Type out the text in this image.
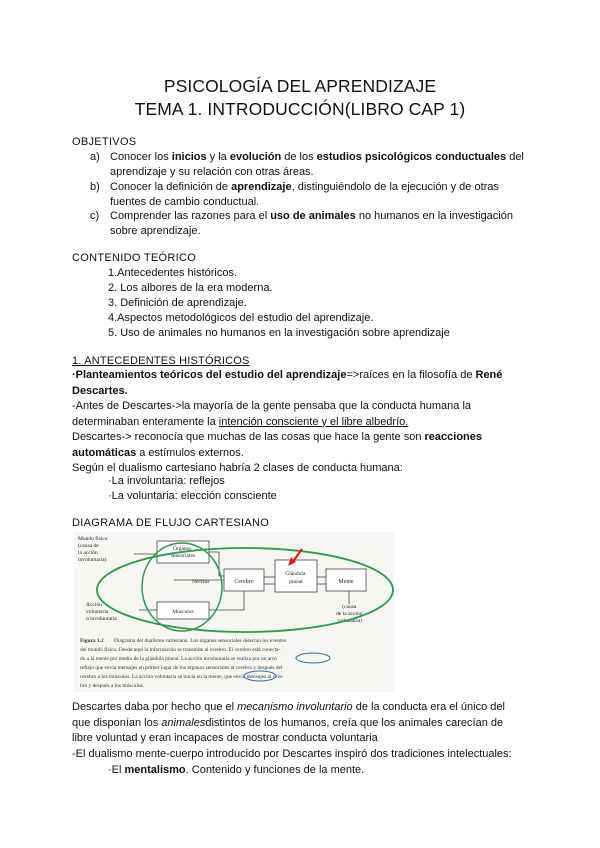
PSICOLOGÍA DEL APRENDIZAJE
TEMA 1. INTRODUCCIÓN(LIBRO CAP 1)
OBJETIVOS
a) Conocer los inicios y la evolución de los estudios psicológicos conductuales del
aprendizaje y su relación con otras áreas.
b) Conocer la definición de aprendizaje, distinguiéndolo de la ejecución y de otras
fuentes de cambio conductual.
c) Comprender las razones para el uso de animales no humanos en la investigación
sobre aprendizaje.
CONTENIDO TEÓRICO
1.Antecedentes históricos.
2. Los albores de la era moderna.
3. Definición de aprendizaje.
4.Aspectos metodológicos del estudio del aprendizaje.
5. Uso de animales no humanos en la investigación sobre aprendizaje
1. ANTECEDENTES HISTÓRICOS
·Planteamientos teóricos del estudio del aprendizaje=>raíces en la filosofía de René
Descartes.
-Antes de Descartes->la mayoría de la gente pensaba que la conducta humana la
determinaban enteramente la intención consciente y el libre albedrío.
Descartes-> reconocía que muchas de las cosas que hace la gente son reacciones
automáticas a estímulos externos.
Según el dualismo cartesiano habría 2 clases de conducta humana:
·La involuntaria: reflejos
·La voluntaria: elección consciente
DIAGRAMA DE FLUJO CARTESIANO
Mundo físico (causa de la acción involuntaria)
Órganos sensoriales
Nervios	Cerebro
Glándula pineal	Mente
Músculos
Acción voluntaria o involuntaria
(causa de la acción voluntaria)
Figura 1.2 Diagrama del dualismo cartesiano. Los órganos sensoriales detectan los eventos del mundo físico. Desde aquí la información se transmite al cerebro. El cerebro está conecta- do a la mente por medio de la glándula pineal. La acción involuntaria se realiza por un arco reflejo que envía mensajes en primer lugar de los órganos sensoriales al cerebro y después del cerebro a los músculos. La acción voluntaria se inicia en la mente, que envía mensajes al cere- bro y después a los músculos.
Descartes daba por hecho que el mecanismo involuntario de la conducta era el único del
que disponían los animalesdistintos de los humanos, creía que los animales carecían de
libre voluntad y eran incapaces de mostrar conducta voluntaria
-El dualismo mente-cuerpo introducido por Descartes inspiró dos tradiciones intelectuales:
·El mentalismo. Contenido y funciones de la mente.
